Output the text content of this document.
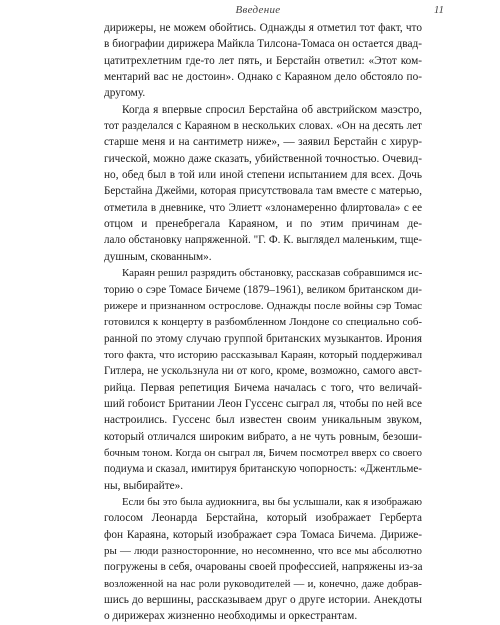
Введение	11
дирижеры, не можем обойтись. Однажды я отметил тот факт, что
в биографии дирижера Майкла Тилсона-Томаса он остается двад-
цатитрехлетним где-то лет пять, и Берстайн ответил: «Этот ком-
ментарий вас не достоин». Однако с Караяном дело обстояло по-
другому.
Когда я впервые спросил Берстайна об австрийском маэстро,
тот разделался с Караяном в нескольких словах. «Он на десять лет
старше меня и на сантиметр ниже», — заявил Берстайн с хирур-
гической, можно даже сказать, убийственной точностью. Очевид-
но, обед был в той или иной степени испытанием для всех. Дочь
Берстайна Джейми, которая присутствовала там вместе с матерью,
отметила в дневнике, что Элиетт «злонамеренно флиртовала» с ее
отцом и пренебрегала Караяном, и по этим причинам де-
лало обстановку напряженной. "Г. Ф. К. выглядел маленьким, тще-
душным, скованным».
Караян решил разрядить обстановку, рассказав собравшимся ис-
торию о сэре Томасе Бичеме (1879–1961), великом британском ди-
рижере и признанном острослове. Однажды после войны сэр Томас
готовился к концерту в разбомбленном Лондоне со специально соб-
ранной по этому случаю группой британских музыкантов. Ирония
того факта, что историю рассказывал Караян, который поддерживал
Гитлера, не ускользнула ни от кого, кроме, возможно, самого авст-
рийца. Первая репетиция Бичема началась с того, что величай-
ший гобоист Британии Леон Гуссенс сыграл ля, чтобы по ней все
настроились. Гуссенс был известен своим уникальным звуком,
который отличался широким вибрато, а не чуть ровным, безоши-
бочным тоном. Когда он сыграл ля, Бичем посмотрел вверх со своего
подиума и сказал, имитируя британскую чопорность: «Джентльме-
ны, выбирайте».
Если бы это была аудиокнига, вы бы услышали, как я изображаю
голосом Леонарда Берстайна, который изображает Герберта
фон Караяна, который изображает сэра Томаса Бичема. Дириже-
ры — люди разносторонние, но несомненно, что все мы абсолютно
погружены в себя, очарованы своей профессией, напряжены из-за
возложенной на нас роли руководителей — и, конечно, даже добрав-
шись до вершины, рассказываем друг о друге истории. Анекдоты
о дирижерах жизненно необходимы и оркестрантам.
